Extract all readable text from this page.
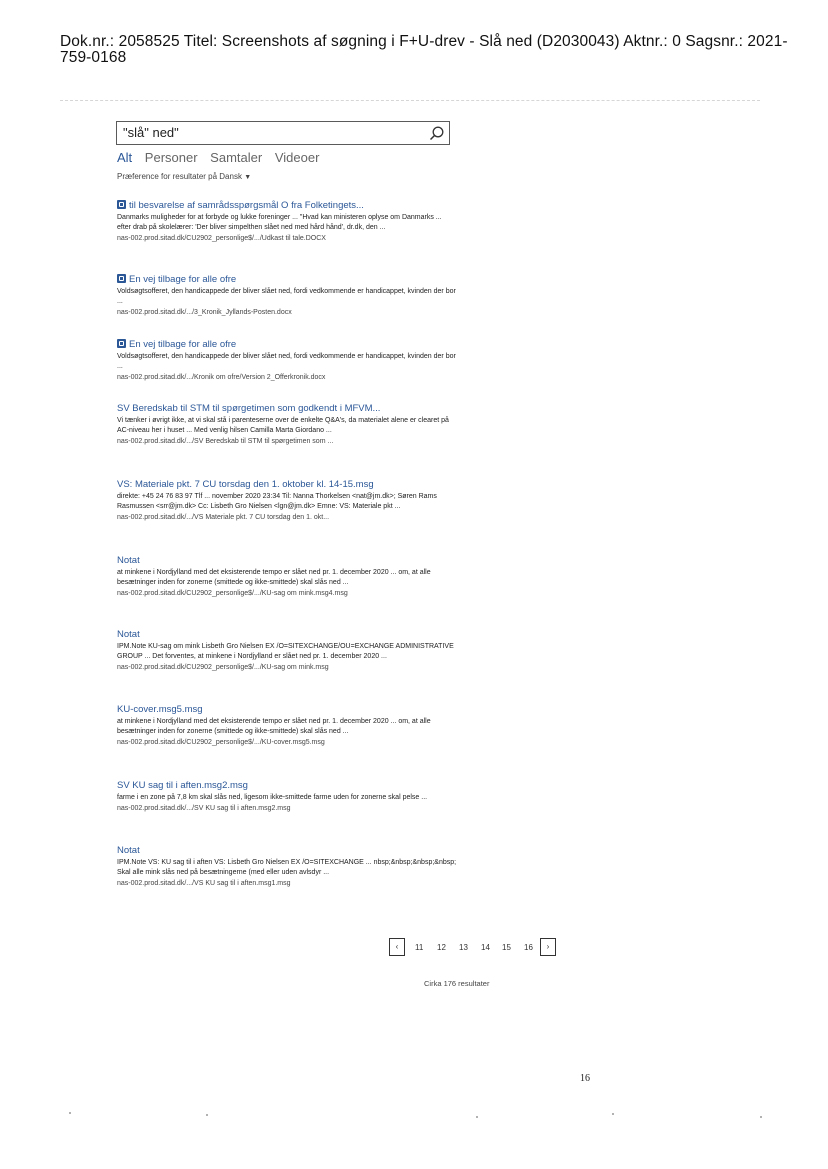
Dok.nr.: 2058525 Titel: Screenshots af søgning i F+U-drev - Slå ned (D2030043) Aktnr.: 0 Sagsnr.: 2021-759-0168
"slå" ned"
Alt Personer Samtaler Videoer
Præference for resultater på Dansk ▼
til besvarelse af samrådsspørgsmål O fra Folketingets...
Danmarks muligheder for at forbyde og lukke foreninger ... "Hvad kan ministeren oplyse om Danmarks ... efter drab på skolelærer: 'Der bliver simpelthen slået ned med hård hånd', dr.dk, den ...
nas-002.prod.sitad.dk/CU2902_personlige$/.../Udkast til tale.DOCX
En vej tilbage for alle ofre
Voldsøgtsofferet, den handicappede der bliver slået ned, fordi vedkommende er handicappet, kvinden der bor ...
nas-002.prod.sitad.dk/.../3_Kronik_Jyllands-Posten.docx
En vej tilbage for alle ofre
Voldsøgtsofferet, den handicappede der bliver slået ned, fordi vedkommende er handicappet, kvinden der bor ...
nas-002.prod.sitad.dk/.../Kronik om ofre/Version 2_Offerkronik.docx
SV Beredskab til STM til spørgetimen som godkendt i MFVM...
Vi tænker i øvrigt ikke, at vi skal stå i parenteserne over de enkelte Q&A's, da materialet alene er clearet på AC-niveau her i huset ... Med venlig hilsen Camilla Marta Giordano ...
nas-002.prod.sitad.dk/.../SV Beredskab til STM til spørgetimen som ...
VS: Materiale pkt. 7 CU torsdag den 1. oktober kl. 14-15.msg
direkte: +45 24 76 83 97 Tlf ... november 2020 23:34 Til: Nanna Thorkelsen <nat@jm.dk>; Søren Rams Rasmussen <srr@jm.dk> Cc: Lisbeth Gro Nielsen <lgn@jm.dk> Emne: VS: Materiale pkt ...
nas-002.prod.sitad.dk/.../VS Materiale pkt. 7 CU torsdag den 1. okt...
Notat
at minkene i Nordjylland med det eksisterende tempo er slået ned pr. 1. december 2020 ... om, at alle besætninger inden for zonerne (smittede og ikke-smittede) skal slås ned ...
nas-002.prod.sitad.dk/CU2902_personlige$/.../KU-sag om mink.msg4.msg
Notat
IPM.Note KU-sag om mink Lisbeth Gro Nielsen EX /O=SITEXCHANGE/OU=EXCHANGE ADMINISTRATIVE GROUP ... Det forventes, at minkene i Nordjylland er slået ned pr. 1. december 2020 ...
nas-002.prod.sitad.dk/CU2902_personlige$/.../KU-sag om mink.msg
KU-cover.msg5.msg
at minkene i Nordjylland med det eksisterende tempo er slået ned pr. 1. december 2020 ... om, at alle besætninger inden for zonerne (smittede og ikke-smittede) skal slås ned ...
nas-002.prod.sitad.dk/CU2902_personlige$/.../KU-cover.msg5.msg
SV KU sag til i aften.msg2.msg
farme i en zone på 7,8 km skal slås ned, ligesom ikke-smittede farme uden for zonerne skal pelse ...
nas-002.prod.sitad.dk/.../SV KU sag til i aften.msg2.msg
Notat
IPM.Note VS: KU sag til i aften VS: Lisbeth Gro Nielsen EX /O=SITEXCHANGE ... nbsp;&nbsp;&nbsp;&nbsp; Skal alle mink slås ned på besætningerne (med eller uden avlsdyr ...
nas-002.prod.sitad.dk/.../VS KU sag til i aften.msg1.msg
‹	11 12 13 14 15 16	›
Cirka 176 resultater
16
